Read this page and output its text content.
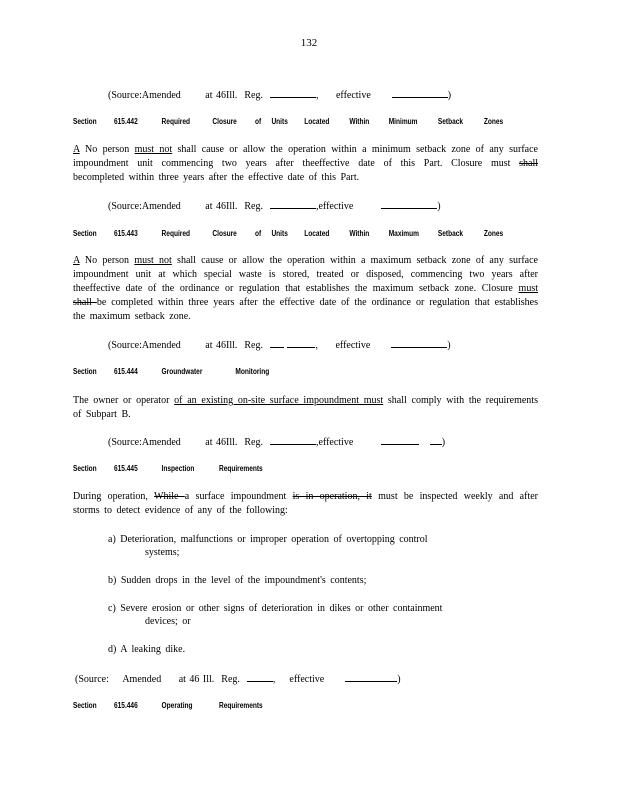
132
(Source:Amended at 46Ill.  Reg.	,     effective	)
Section 615.442	Required	Closure of Units Located Within Minimum	Setback	Zones
A No person must not shall cause or allow the operation within a minimum setback zone of any surface impoundment unit commencing two years after theeffective date of this Part. Closure must shall becompleted within three years after the effective date of this Part.
(Source:Amended at 46Ill.  Reg.	,effective	)
Section 615.443	Required	Closure of Units Located Within Maximum Setback	Zones
A No person must not shall cause or allow the operation within a maximum setback zone of any surface impoundment unit at which special waste is stored, treated or disposed, commencing two years after theeffective date of the ordinance or regulation that establishes the maximum setback zone. Closure must shall be completed within three years after the effective date of the ordinance or regulation that establishes the maximum setback zone.
(Source:Amended at 46Ill.  Reg.	,     effective	)
Section 615.444	Groundwater	Monitoring
The owner or operator of an existing on-site surface impoundment must shall comply with the requirements of Subpart B.
(Source:Amended at 46Ill.  Reg.	,effective	)
Section 615.445	Inspection	Requirements
During operation, While a surface impoundment is in operation, it must be inspected weekly and after storms to detect evidence of any of the following:
a) Deterioration, malfunctions or improper operation of overtopping control
systems;
b) Sudden drops in the level of the impoundment's contents;
c) Severe erosion or other signs of deterioration in dikes or other containment
devices; or
d) A leaking dike.
(Source:    Amended at 46 Ill.  Reg.	,    effective	)
Section 615.446	Operating	Requirements
